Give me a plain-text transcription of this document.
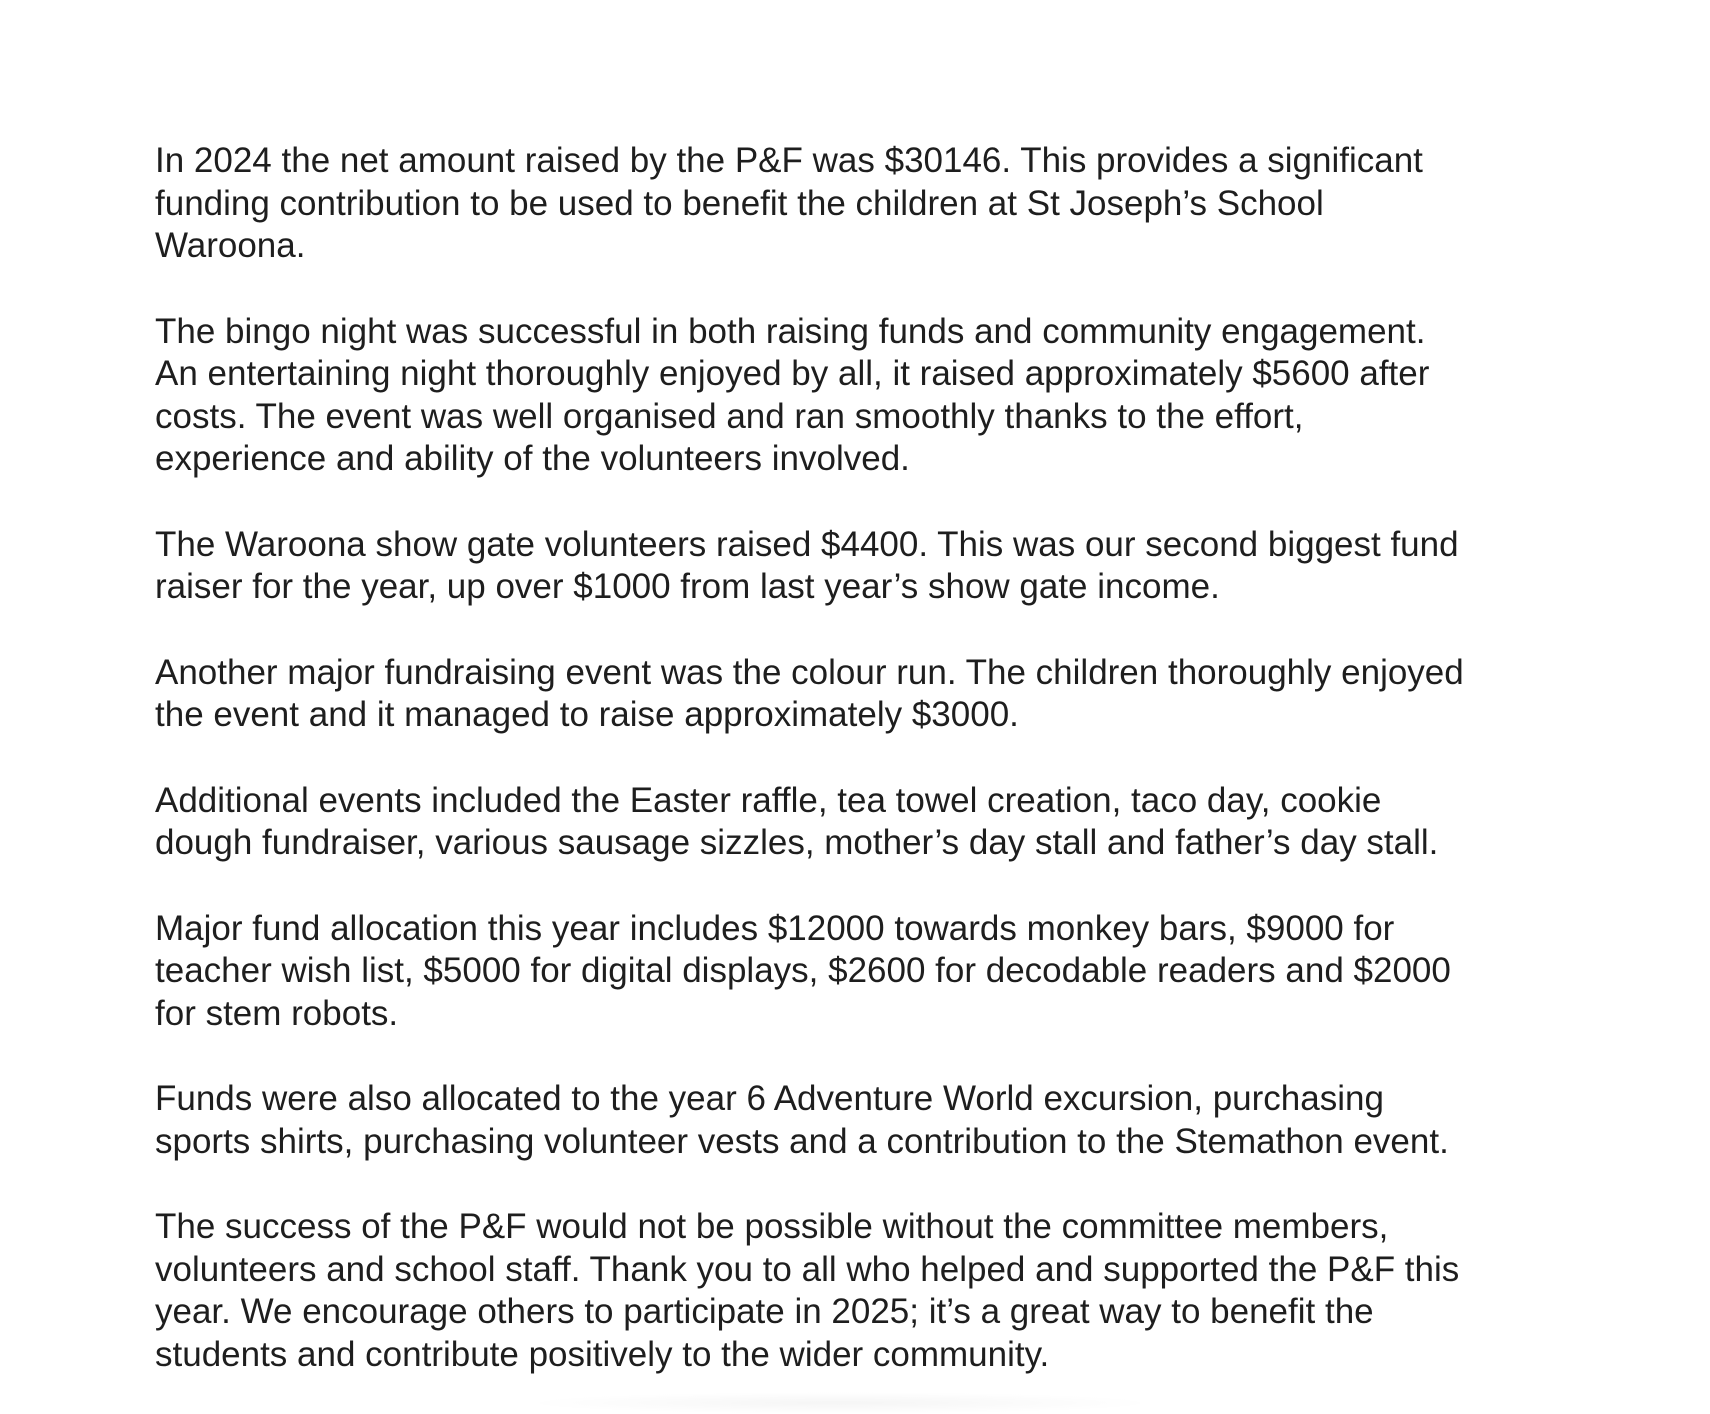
In 2024 the net amount raised by the P&F was $30146. This provides a significant
funding contribution to be used to benefit the children at St Joseph’s School
Waroona.

The bingo night was successful in both raising funds and community engagement.
An entertaining night thoroughly enjoyed by all, it raised approximately $5600 after
costs. The event was well organised and ran smoothly thanks to the effort,
experience and ability of the volunteers involved.

The Waroona show gate volunteers raised $4400. This was our second biggest fund
raiser for the year, up over $1000 from last year’s show gate income.

Another major fundraising event was the colour run. The children thoroughly enjoyed
the event and it managed to raise approximately $3000.

Additional events included the Easter raffle, tea towel creation, taco day, cookie
dough fundraiser, various sausage sizzles, mother’s day stall and father’s day stall.

Major fund allocation this year includes $12000 towards monkey bars, $9000 for
teacher wish list, $5000 for digital displays, $2600 for decodable readers and $2000
for stem robots.

Funds were also allocated to the year 6 Adventure World excursion, purchasing
sports shirts, purchasing volunteer vests and a contribution to the Stemathon event.

The success of the P&F would not be possible without the committee members,
volunteers and school staff. Thank you to all who helped and supported the P&F this
year. We encourage others to participate in 2025; it’s a great way to benefit the
students and contribute positively to the wider community.
